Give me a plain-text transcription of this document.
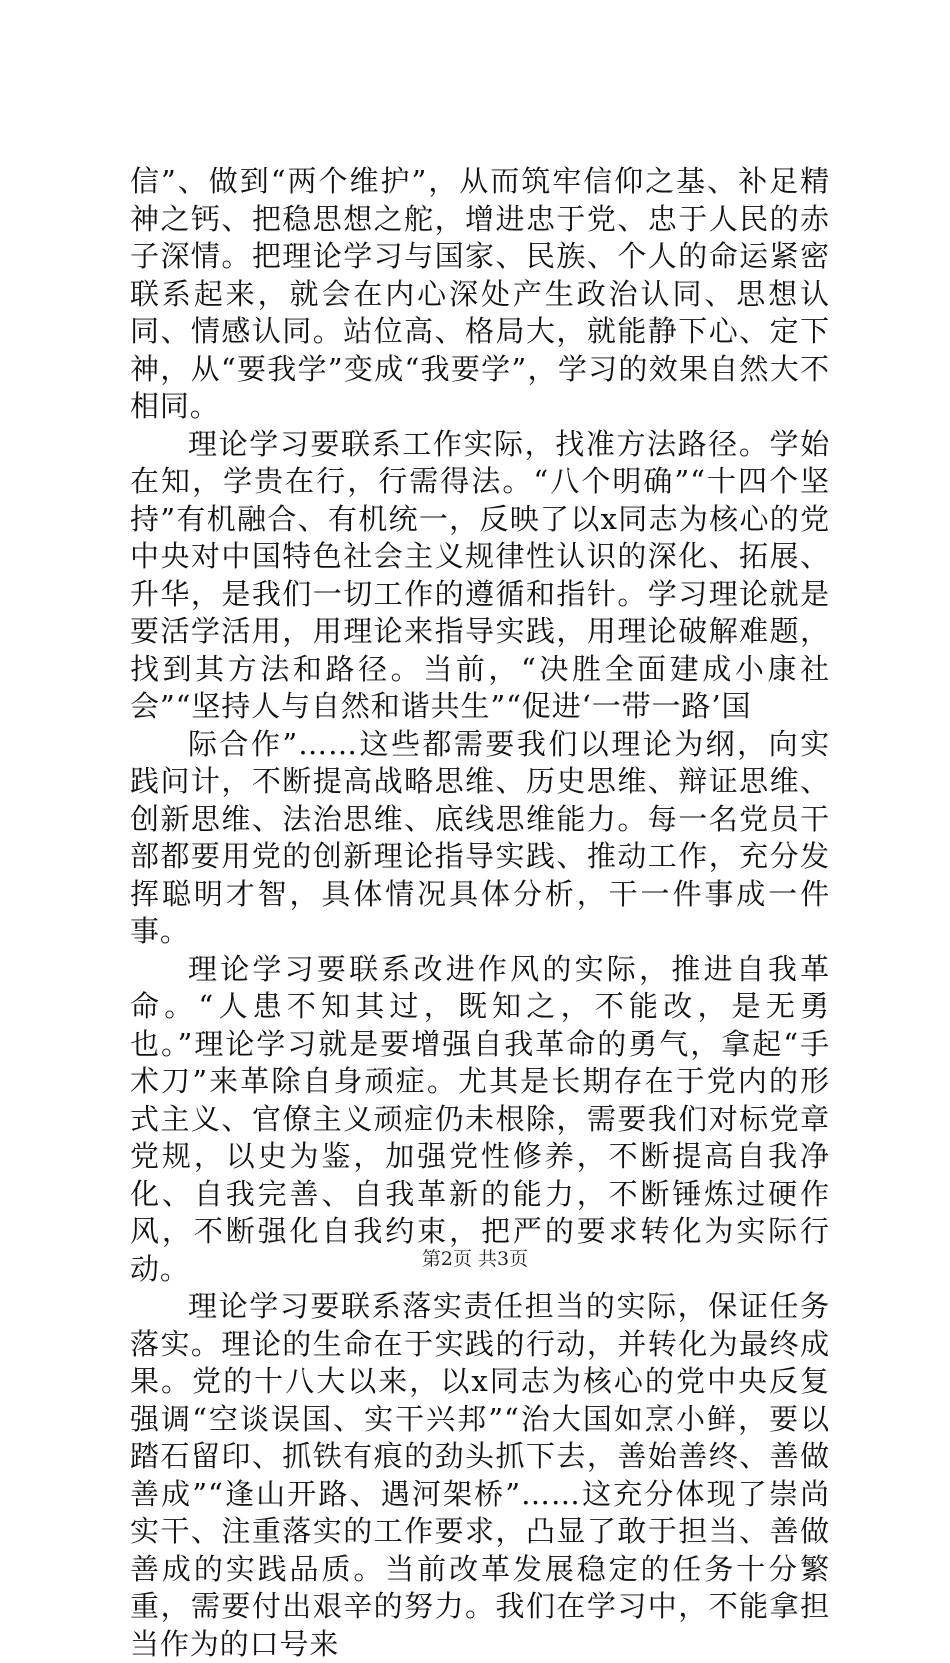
信”、做到“两个维护”，从而筑牢信仰之基、补足精神之钙、把稳思想之舵，增进忠于党、忠于人民的赤子深情。把理论学习与国家、民族、个人的命运紧密联系起来，就会在内心深处产生政治认同、思想认同、情感认同。站位高、格局大，就能静下心、定下神，从“要我学”变成“我要学”，学习的效果自然大不相同。

理论学习要联系工作实际，找准方法路径。学始在知，学贵在行，行需得法。“八个明确”“十四个坚持”有机融合、有机统一，反映了以x同志为核心的党中央对中国特色社会主义规律性认识的深化、拓展、升华，是我们一切工作的遵循和指针。学习理论就是要活学活用，用理论来指导实践，用理论破解难题，找到其方法和路径。当前，“决胜全面建成小康社会”“坚持人与自然和谐共生”“促进‘一带一路’国

际合作”……这些都需要我们以理论为纲，向实践问计，不断提高战略思维、历史思维、辩证思维、创新思维、法治思维、底线思维能力。每一名党员干部都要用党的创新理论指导实践、推动工作，充分发挥聪明才智，具体情况具体分析，干一件事成一件事。

理论学习要联系改进作风的实际，推进自我革命。“人患不知其过，既知之，不能改，是无勇也。”理论学习就是要增强自我革命的勇气，拿起“手术刀”来革除自身顽症。尤其是长期存在于党内的形式主义、官僚主义顽症仍未根除，需要我们对标党章党规，以史为鉴，加强党性修养，不断提高自我净化、自我完善、自我革新的能力，不断锤炼过硬作风，不断强化自我约束，把严的要求转化为实际行动。

理论学习要联系落实责任担当的实际，保证任务落实。理论的生命在于实践的行动，并转化为最终成果。党的十八大以来，以x同志为核心的党中央反复强调“空谈误国、实干兴邦”“治大国如烹小鲜，要以踏石留印、抓铁有痕的劲头抓下去，善始善终、善做善成”“逢山开路、遇河架桥”……这充分体现了崇尚实干、注重落实的工作要求，凸显了敢于担当、善做善成的实践品质。当前改革发展稳定的任务十分繁重，需要付出艰辛的努力。我们在学习中，不能拿担当作为的口号来

第2页 共3页
